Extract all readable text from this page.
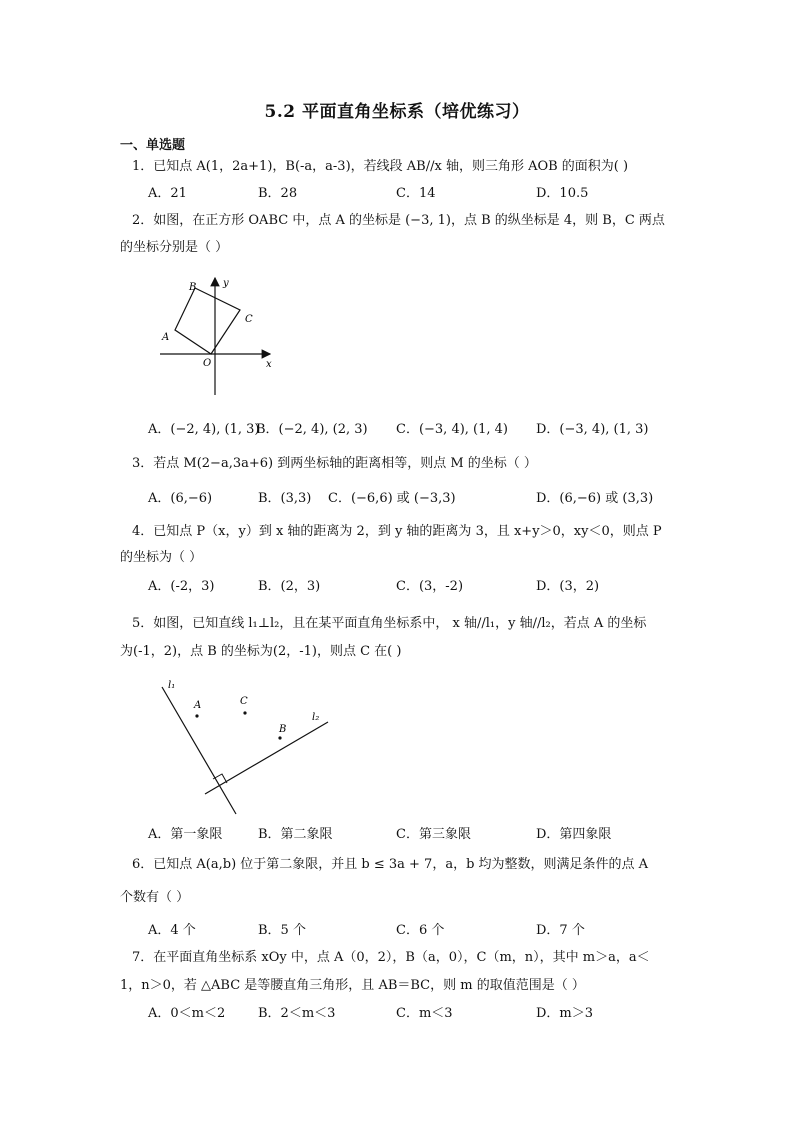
5.2 平面直角坐标系（培优练习）
一、单选题
1．已知点 A(1，2a+1)，B(-a，a-3)，若线段 AB//x 轴，则三角形 AOB 的面积为( )
A．21	B．28	C．14	D．10.5
2．如图，在正方形 OABC 中，点 A 的坐标是 (−3, 1)，点 B 的纵坐标是 4，则 B，C 两点
的坐标分别是（ ）
A
B
C
O	x
y
A．(−2, 4), (1, 3)
B．(−2, 4), (2, 3) C．(−3, 4), (1, 4) D．(−3, 4), (1, 3)
3．若点 M(2−a,3a+6) 到两坐标轴的距离相等，则点 M 的坐标（ ）
A．(6,−6)	B．(3,3) C．(−6,6) 或 (−3,3)	D．(6,−6) 或 (3,3)
4．已知点 P（x，y）到 x 轴的距离为 2，到 y 轴的距离为 3，且 x+y＞0，xy＜0，则点 P
的坐标为（ ）
A．(-2，3)	B．(2，3)	C．(3，-2)	D．(3，2)
5．如图，已知直线 l₁⊥l₂，且在某平面直角坐标系中， x 轴//l₁，y 轴//l₂，若点 A 的坐标
为(-1，2)，点 B 的坐标为(2，-1)，则点 C 在( )
l₁
l₂
A	C
B
A．第一象限	B．第二象限	C．第三象限	D．第四象限
6．已知点 A(a,b) 位于第二象限，并且 b ≤ 3a + 7，a，b 均为整数，则满足条件的点 A
个数有（ ）
A．4 个	B．5 个	C．6 个	D．7 个
7．在平面直角坐标系 xOy 中，点 A（0，2），B（a，0），C（m，n），其中 m＞a，a＜
1，n＞0，若 △ABC 是等腰直角三角形，且 AB＝BC，则 m 的取值范围是（ ）
A．0＜m＜2	B．2＜m＜3	C．m＜3	D．m＞3
